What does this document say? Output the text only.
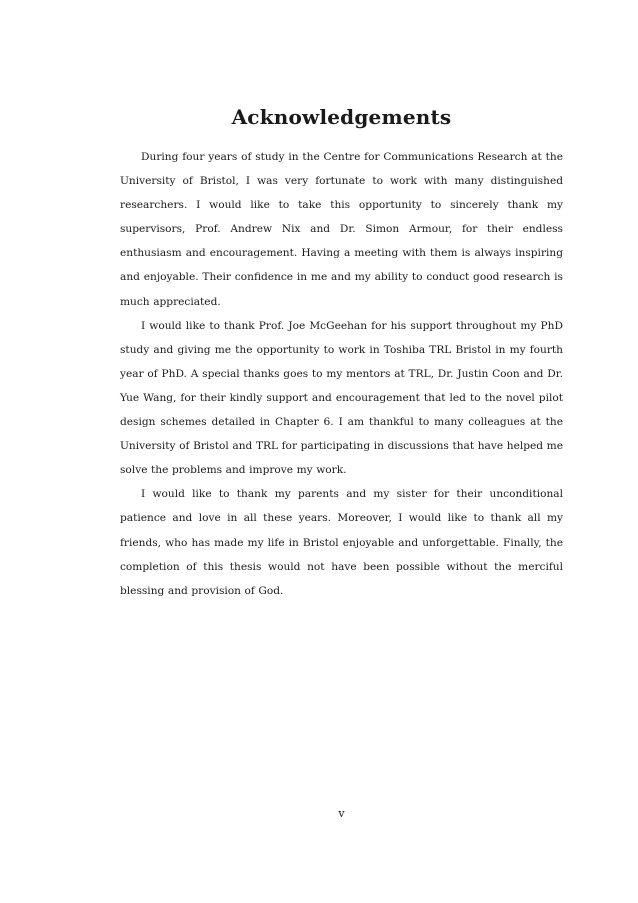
Acknowledgements

During four years of study in the Centre for Communications Research at the University of Bristol, I was very fortunate to work with many distinguished researchers. I would like to take this opportunity to sincerely thank my supervisors, Prof. Andrew Nix and Dr. Simon Armour, for their endless enthusiasm and encouragement. Having a meeting with them is always inspiring and enjoyable. Their confidence in me and my ability to conduct good research is much appreciated.

I would like to thank Prof. Joe McGeehan for his support throughout my PhD study and giving me the opportunity to work in Toshiba TRL Bristol in my fourth year of PhD. A special thanks goes to my mentors at TRL, Dr. Justin Coon and Dr. Yue Wang, for their kindly support and encouragement that led to the novel pilot design schemes detailed in Chapter 6. I am thankful to many colleagues at the University of Bristol and TRL for participating in discussions that have helped me solve the problems and improve my work.

I would like to thank my parents and my sister for their unconditional patience and love in all these years. Moreover, I would like to thank all my friends, who has made my life in Bristol enjoyable and unforgettable. Finally, the completion of this thesis would not have been possible without the merciful blessing and provision of God.

v
